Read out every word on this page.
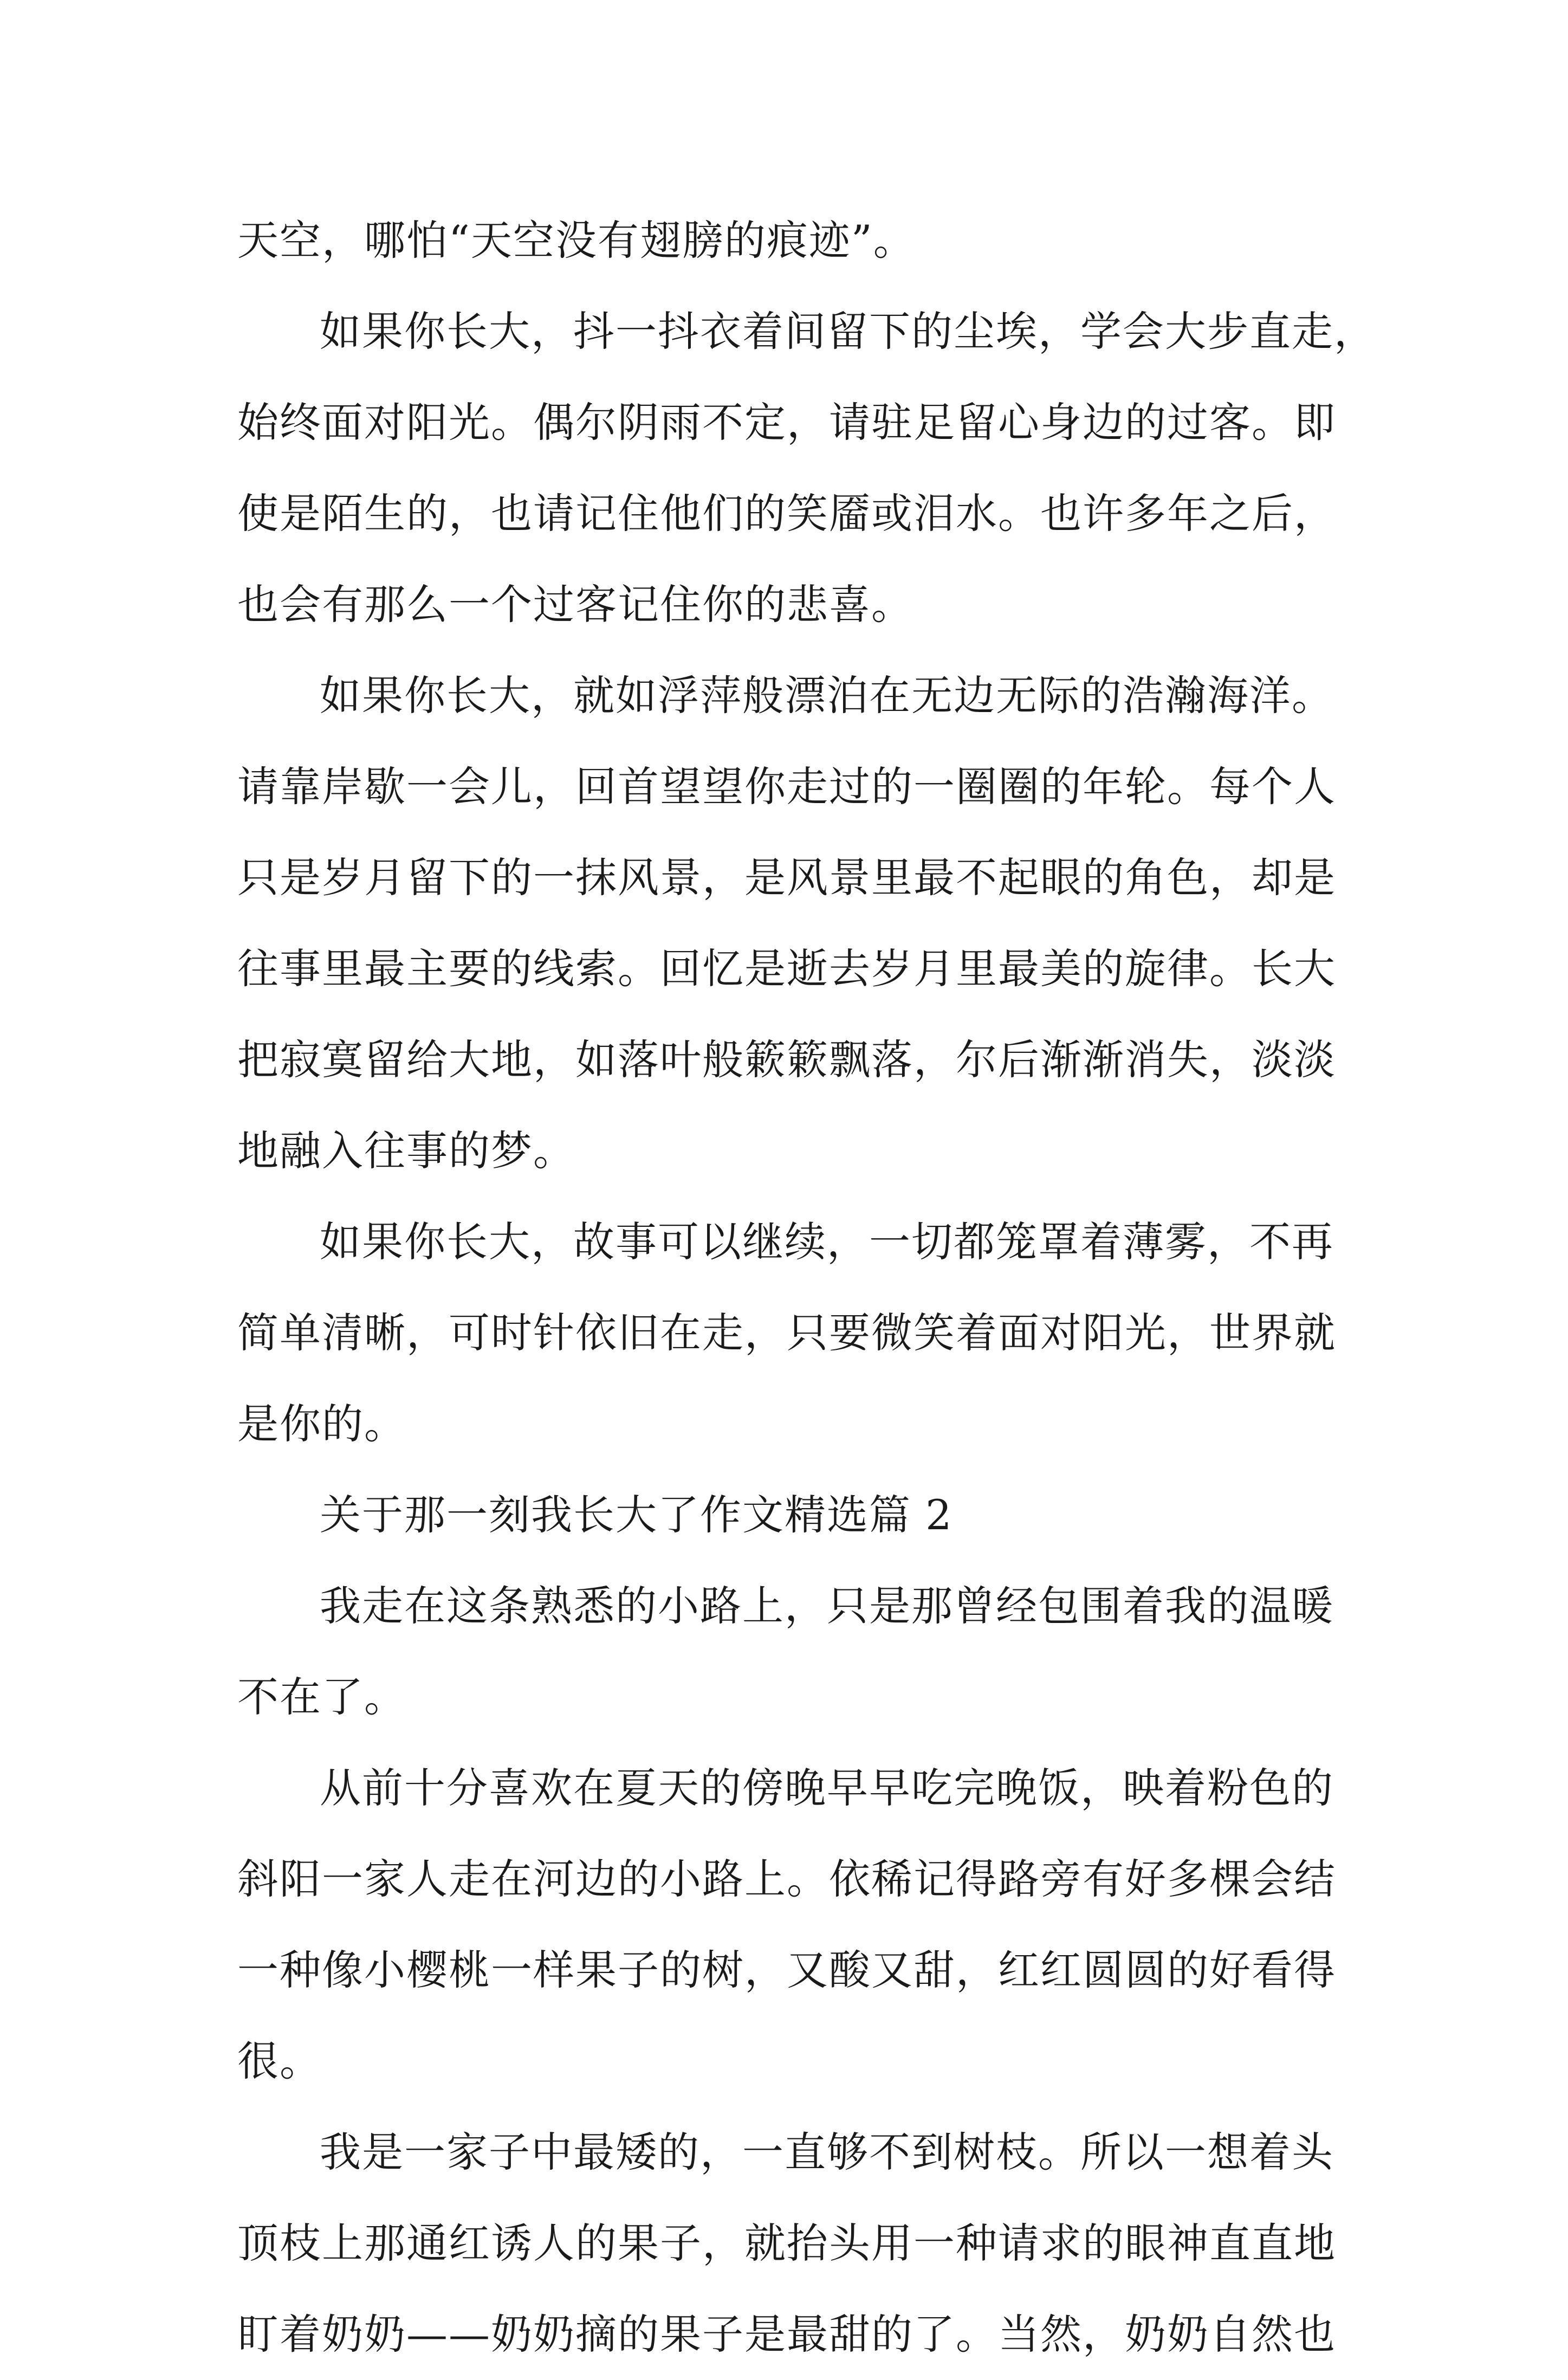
天空，哪怕“天空没有翅膀的痕迹”。
如果你长大，抖一抖衣着间留下的尘埃，学会大步直走，
始终面对阳光。偶尔阴雨不定，请驻足留心身边的过客。即
使是陌生的，也请记住他们的笑靥或泪水。也许多年之后，
也会有那么一个过客记住你的悲喜。
如果你长大，就如浮萍般漂泊在无边无际的浩瀚海洋。
请靠岸歇一会儿，回首望望你走过的一圈圈的年轮。每个人
只是岁月留下的一抹风景，是风景里最不起眼的角色，却是
往事里最主要的线索。回忆是逝去岁月里最美的旋律。长大
把寂寞留给大地，如落叶般簌簌飘落，尔后渐渐消失，淡淡
地融入往事的梦。
如果你长大，故事可以继续，一切都笼罩着薄雾，不再
简单清晰，可时针依旧在走，只要微笑着面对阳光，世界就
是你的。
关于那一刻我长大了作文精选篇 2
我走在这条熟悉的小路上，只是那曾经包围着我的温暖
不在了。
从前十分喜欢在夏天的傍晚早早吃完晚饭，映着粉色的
斜阳一家人走在河边的小路上。依稀记得路旁有好多棵会结
一种像小樱桃一样果子的树，又酸又甜，红红圆圆的好看得
很。
我是一家子中最矮的，一直够不到树枝。所以一想着头
顶枝上那通红诱人的果子，就抬头用一种请求的眼神直直地
盯着奶奶——奶奶摘的果子是最甜的了。当然，奶奶自然也
